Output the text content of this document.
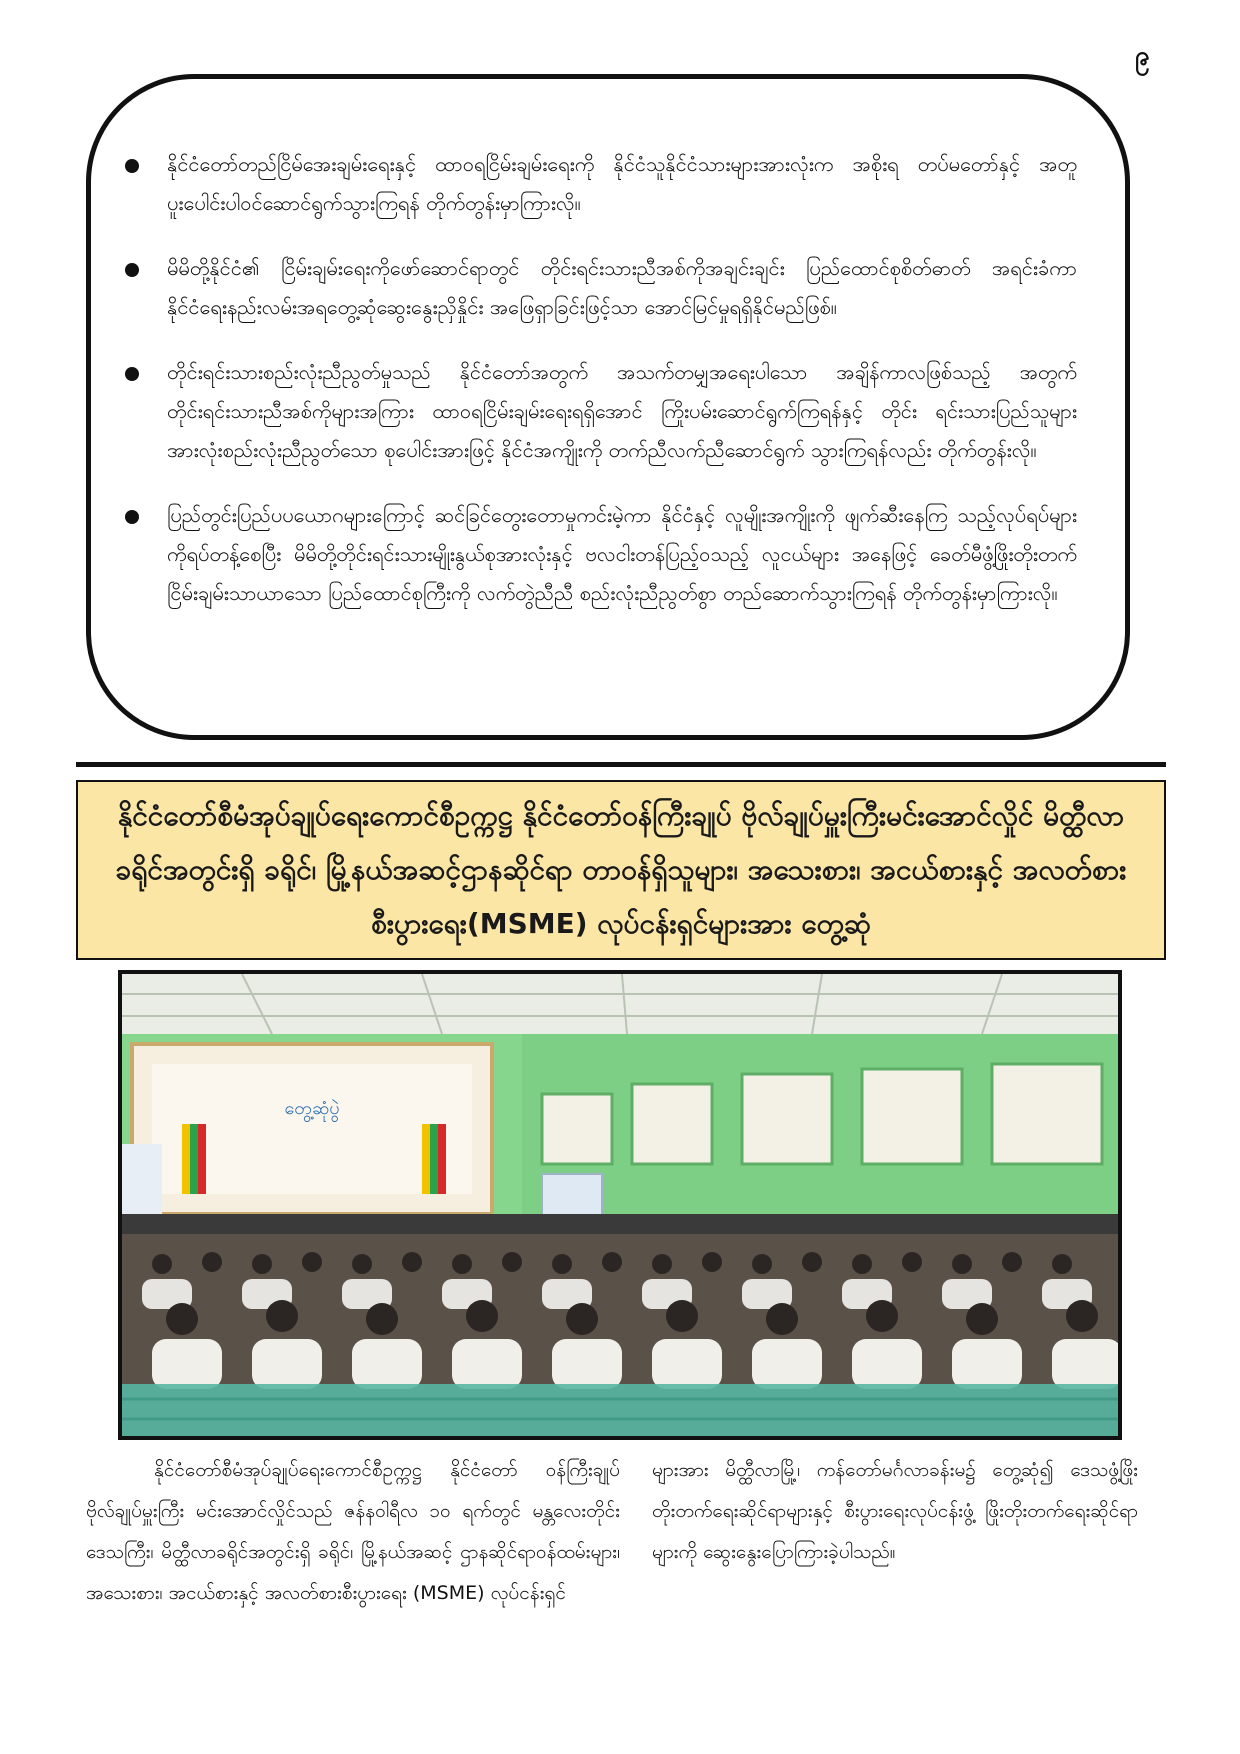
၉
နိုင်ငံတော်တည်ငြိမ်အေးချမ်းရေးနှင့် ထာဝရငြိမ်းချမ်းရေးကို နိုင်ငံသူနိုင်ငံသားများအားလုံးက အစိုးရ တပ်မတော်နှင့် အတူ ပူးပေါင်းပါဝင်ဆောင်ရွက်သွားကြရန် တိုက်တွန်းမှာကြားလို။
မိမိတို့နိုင်ငံ၏ ငြိမ်းချမ်းရေးကိုဖော်ဆောင်ရာတွင် တိုင်းရင်းသားညီအစ်ကိုအချင်းချင်း ပြည်ထောင်စုစိတ်ဓာတ် အရင်းခံကာ နိုင်ငံရေးနည်းလမ်းအရတွေ့ဆုံဆွေးနွေးညှိနှိုင်း အဖြေရှာခြင်းဖြင့်သာ အောင်မြင်မှုရရှိနိုင်မည်ဖြစ်။
တိုင်းရင်းသားစည်းလုံးညီညွတ်မှုသည် နိုင်ငံတော်အတွက် အသက်တမျှအရေးပါသော အချိန်ကာလဖြစ်သည့် အတွက် တိုင်းရင်းသားညီအစ်ကိုများအကြား ထာဝရငြိမ်းချမ်းရေးရရှိအောင် ကြိုးပမ်းဆောင်ရွက်ကြရန်နှင့် တိုင်း ရင်းသားပြည်သူများ အားလုံးစည်းလုံးညီညွတ်သော စုပေါင်းအားဖြင့် နိုင်ငံအကျိုးကို တက်ညီလက်ညီဆောင်ရွက် သွားကြရန်လည်း တိုက်တွန်းလို။
ပြည်တွင်းပြည်ပပယောဂများကြောင့် ဆင်ခြင်တွေးတောမှုကင်းမဲ့ကာ နိုင်ငံနှင့် လူမျိုးအကျိုးကို ဖျက်ဆီးနေကြ သည့်လုပ်ရပ်များကိုရပ်တန့်စေပြီး မိမိတို့တိုင်းရင်းသားမျိုးနွယ်စုအားလုံးနှင့် ဗလငါးတန်ပြည့်ဝသည့် လူငယ်များ အနေဖြင့် ခေတ်မီဖွံ့ဖြိုးတိုးတက်ငြိမ်းချမ်းသာယာသော ပြည်ထောင်စုကြီးကို လက်တွဲညီညီ စည်းလုံးညီညွတ်စွာ တည်ဆောက်သွားကြရန် တိုက်တွန်းမှာကြားလို။
နိုင်ငံတော်စီမံအုပ်ချုပ်ရေးကောင်စီဥက္ကဋ္ဌ နိုင်ငံတော်ဝန်ကြီးချုပ် ဗိုလ်ချုပ်မှူးကြီးမင်းအောင်လှိုင် မိတ္ထီလာခရိုင်အတွင်းရှိ ခရိုင်၊ မြို့နယ်အဆင့်ဌာနဆိုင်ရာ တာဝန်ရှိသူများ၊ အသေးစား၊ အငယ်စားနှင့် အလတ်စား စီးပွားရေး(MSME) လုပ်ငန်းရှင်များအား တွေ့ဆုံ
တွေ့ဆုံပွဲ
နိုင်ငံတော်စီမံအုပ်ချုပ်ရေးကောင်စီဥက္ကဋ္ဌ နိုင်ငံတော် ဝန်ကြီးချုပ် ဗိုလ်ချုပ်မှူးကြီး မင်းအောင်လှိုင်သည် ဇန်နဝါရီလ ၁၀ ရက်တွင် မန္တလေးတိုင်းဒေသကြီး၊ မိတ္ထီလာခရိုင်အတွင်းရှိ ခရိုင်၊ မြို့နယ်အဆင့် ဌာနဆိုင်ရာဝန်ထမ်းများ၊ အသေးစား၊ အငယ်စားနှင့် အလတ်စားစီးပွားရေး (MSME) လုပ်ငန်းရှင်
များအား မိတ္ထီလာမြို့၊ ကန်တော်မင်္ဂလာခန်းမ၌ တွေ့ဆုံ၍ ဒေသဖွံ့ဖြိုးတိုးတက်ရေးဆိုင်ရာများနှင့် စီးပွားရေးလုပ်ငန်းဖွံ့ ဖြိုးတိုးတက်ရေးဆိုင်ရာများကို ဆွေးနွေးပြောကြားခဲ့ပါသည်။
